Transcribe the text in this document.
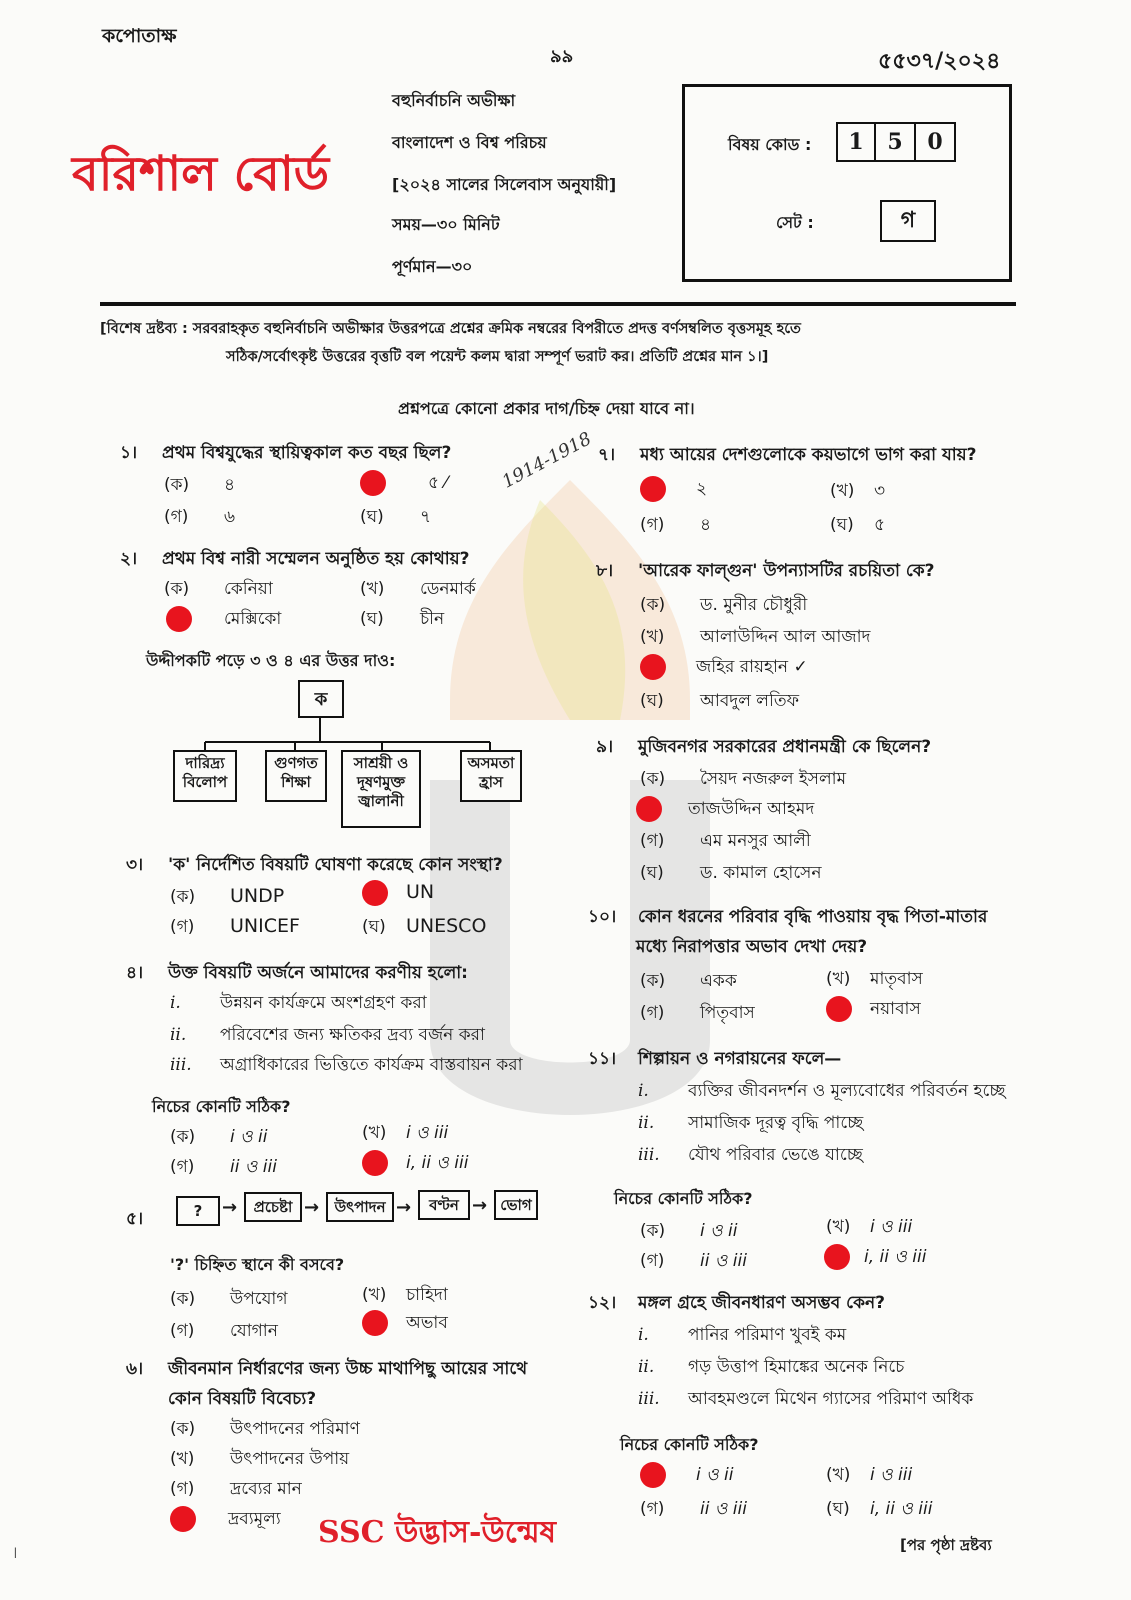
কপোতাক্ষ
৯৯	৫৫৩৭/২০২৪
বরিশাল বোর্ড
বহুনির্বাচনি অভীক্ষা
বাংলাদেশ ও বিশ্ব পরিচয়
[২০২৪ সালের সিলেবাস অনুযায়ী]
সময়—৩০ মিনিট
পূর্ণমান—৩০
বিষয় কোড :	1 5 0
সেট :	গ
[বিশেষ দ্রষ্টব্য : সরবরাহকৃত বহুনির্বাচনি অভীক্ষার উত্তরপত্রে প্রশ্নের ক্রমিক নম্বরের বিপরীতে প্রদত্ত বর্ণসম্বলিত বৃত্তসমূহ হতে
সঠিক/সর্বোৎকৃষ্ট উত্তরের বৃত্তটি বল পয়েন্ট কলম দ্বারা সম্পূর্ণ ভরাট কর। প্রতিটি প্রশ্নের মান ১।]
প্রশ্নপত্রে কোনো প্রকার দাগ/চিহ্ন দেয়া যাবে না।
1914-1918
১। প্রথম বিশ্বযুদ্ধের স্থায়িত্বকাল কত বছর ছিল?
(ক) ৪	৫ ⁄
(গ) ৬	(ঘ) ৭
২। প্রথম বিশ্ব নারী সম্মেলন অনুষ্ঠিত হয় কোথায়?
(ক) কেনিয়া	(খ) ডেনমার্ক
মেক্সিকো	(ঘ) চীন
উদ্দীপকটি পড়ে ৩ ও ৪ এর উত্তর দাও:
ক
দারিদ্র্য বিলোপ
গুণগত শিক্ষা
সাশ্রয়ী ও দূষণমুক্ত জ্বালানী
অসমতা হ্রাস
৩। 'ক' নির্দেশিত বিষয়টি ঘোষণা করেছে কোন সংস্থা?
(ক) UNDP	UN
(গ) UNICEF	(ঘ) UNESCO
৪। উক্ত বিষয়টি অর্জনে আমাদের করণীয় হলো:
i. উন্নয়ন কার্যক্রমে অংশগ্রহণ করা
ii. পরিবেশের জন্য ক্ষতিকর দ্রব্য বর্জন করা
iii. অগ্রাধিকারের ভিত্তিতে কার্যক্রম বাস্তবায়ন করা
নিচের কোনটি সঠিক?
(ক) i ও ii	(খ) i ও iii
(গ) ii ও iii	i, ii ও iii
৫।	?	→	প্রচেষ্টা →	উৎপাদন →	বণ্টন → ভোগ
'?' চিহ্নিত স্থানে কী বসবে?
(ক) উপযোগ	(খ) চাহিদা
(গ) যোগান	অভাব
৬। জীবনমান নির্ধারণের জন্য উচ্চ মাথাপিছু আয়ের সাথে
কোন বিষয়টি বিবেচ্য?
(ক) উৎপাদনের পরিমাণ
(খ) উৎপাদনের উপায়
(গ) দ্রব্যের মান
দ্রব্যমূল্য
৭। মধ্য আয়ের দেশগুলোকে কয়ভাগে ভাগ করা যায়?
২	(খ) ৩
(গ) ৪	(ঘ) ৫
৮। 'আরেক ফাল্গুন' উপন্যাসটির রচয়িতা কে?
(ক) ড. মুনীর চৌধুরী
(খ) আলাউদ্দিন আল আজাদ
জহির রায়হান ✓
(ঘ) আবদুল লতিফ
৯। মুজিবনগর সরকারের প্রধানমন্ত্রী কে ছিলেন?
(ক) সৈয়দ নজরুল ইসলাম
তাজউদ্দিন আহমদ
(গ) এম মনসুর আলী
(ঘ) ড. কামাল হোসেন
১০। কোন ধরনের পরিবার বৃদ্ধি পাওয়ায় বৃদ্ধ পিতা-মাতার
মধ্যে নিরাপত্তার অভাব দেখা দেয়?
(ক) একক	(খ) মাতৃবাস
(গ) পিতৃবাস	নয়াবাস
১১। শিল্পায়ন ও নগরায়নের ফলে—
i. ব্যক্তির জীবনদর্শন ও মূল্যবোধের পরিবর্তন হচ্ছে
ii. সামাজিক দূরত্ব বৃদ্ধি পাচ্ছে
iii. যৌথ পরিবার ভেঙে যাচ্ছে
নিচের কোনটি সঠিক?
(ক) i ও ii	(খ) i ও iii
(গ) ii ও iii	i, ii ও iii
১২। মঙ্গল গ্রহে জীবনধারণ অসম্ভব কেন?
i. পানির পরিমাণ খুবই কম
ii. গড় উত্তাপ হিমাঙ্কের অনেক নিচে
iii. আবহমণ্ডলে মিথেন গ্যাসের পরিমাণ অধিক
নিচের কোনটি সঠিক?
i ও ii	(খ) i ও iii
(গ) ii ও iii	(ঘ) i, ii ও iii
SSC উদ্ভাস-উন্মেষ	[পর পৃষ্ঠা দ্রষ্টব্য
৷
